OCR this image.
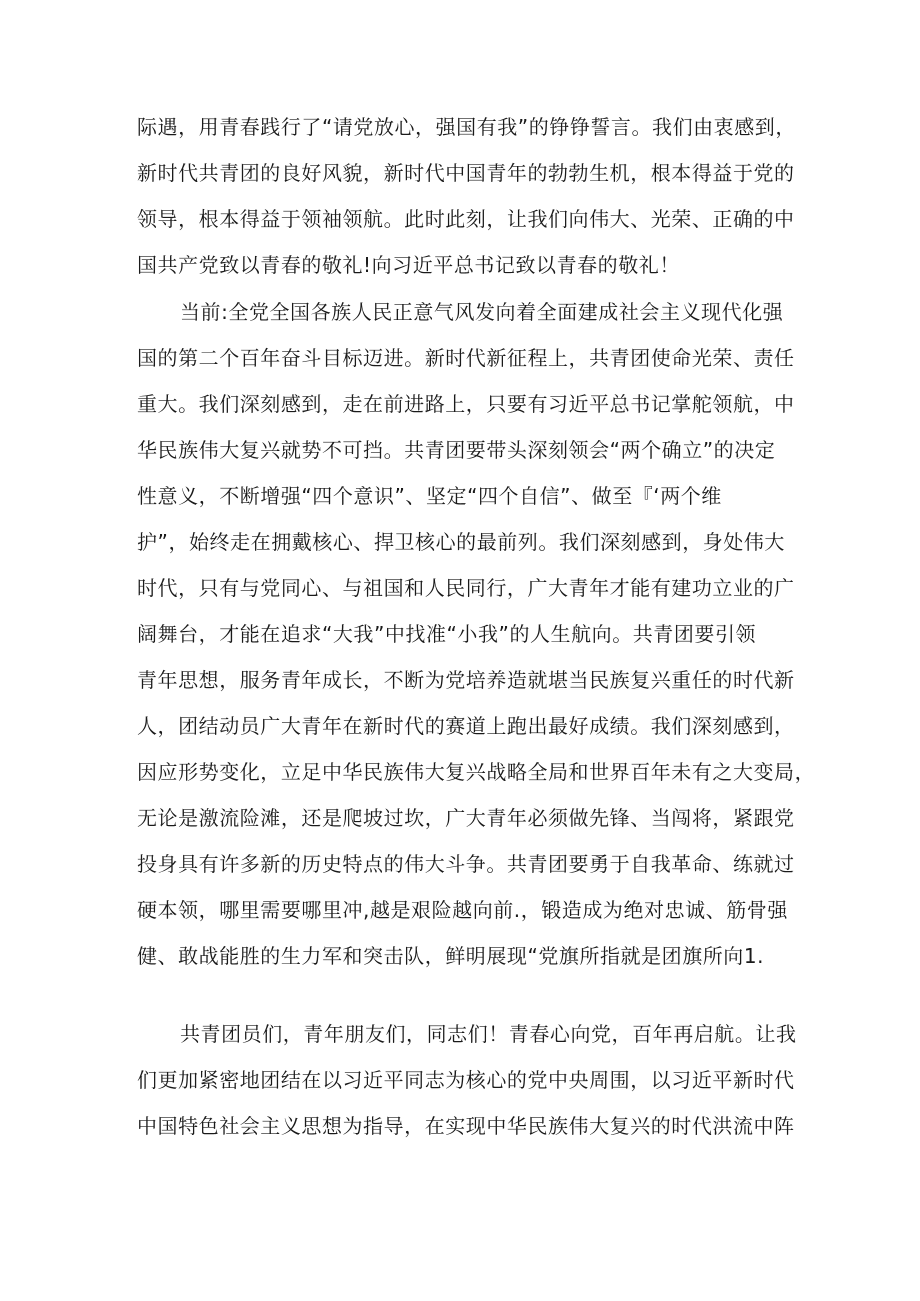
际遇，用青春践行了“请党放心，强国有我”的铮铮誓言。我们由衷感到，
新时代共青团的良好风貌，新时代中国青年的勃勃生机，根本得益于党的
领导，根本得益于领袖领航。此时此刻，让我们向伟大、光荣、正确的中
国共产党致以青春的敬礼!向习近平总书记致以青春的敬礼！
当前:全党全国各族人民正意气风发向着全面建成社会主义现代化强
国的第二个百年奋斗目标迈进。新时代新征程上，共青团使命光荣、责任
重大。我们深刻感到，走在前进路上，只要有习近平总书记掌舵领航，中
华民族伟大复兴就势不可挡。共青团要带头深刻领会“两个确立”的决定
性意义，不断增强“四个意识”、坚定“四个自信”、做至『‘两个维
护”，始终走在拥戴核心、捍卫核心的最前列。我们深刻感到，身处伟大
时代，只有与党同心、与祖国和人民同行，广大青年才能有建功立业的广
阔舞台，才能在追求“大我”中找准“小我”的人生航向。共青团要引领
青年思想，服务青年成长，不断为党培养造就堪当民族复兴重任的时代新
人，团结动员广大青年在新时代的赛道上跑出最好成绩。我们深刻感到，
因应形势变化，立足中华民族伟大复兴战略全局和世界百年未有之大变局，
无论是激流险滩，还是爬坡过坎，广大青年必须做先锋、当闯将，紧跟党
投身具有许多新的历史特点的伟大斗争。共青团要勇于自我革命、练就过
硬本领，哪里需要哪里冲,越是艰险越向前.，锻造成为绝对忠诚、筋骨强
健、敢战能胜的生力军和突击队，鲜明展现“党旗所指就是团旗所向1.
共青团员们，青年朋友们，同志们！青春心向党，百年再启航。让我
们更加紧密地团结在以习近平同志为核心的党中央周围，以习近平新时代
中国特色社会主义思想为指导，在实现中华民族伟大复兴的时代洪流中阵
